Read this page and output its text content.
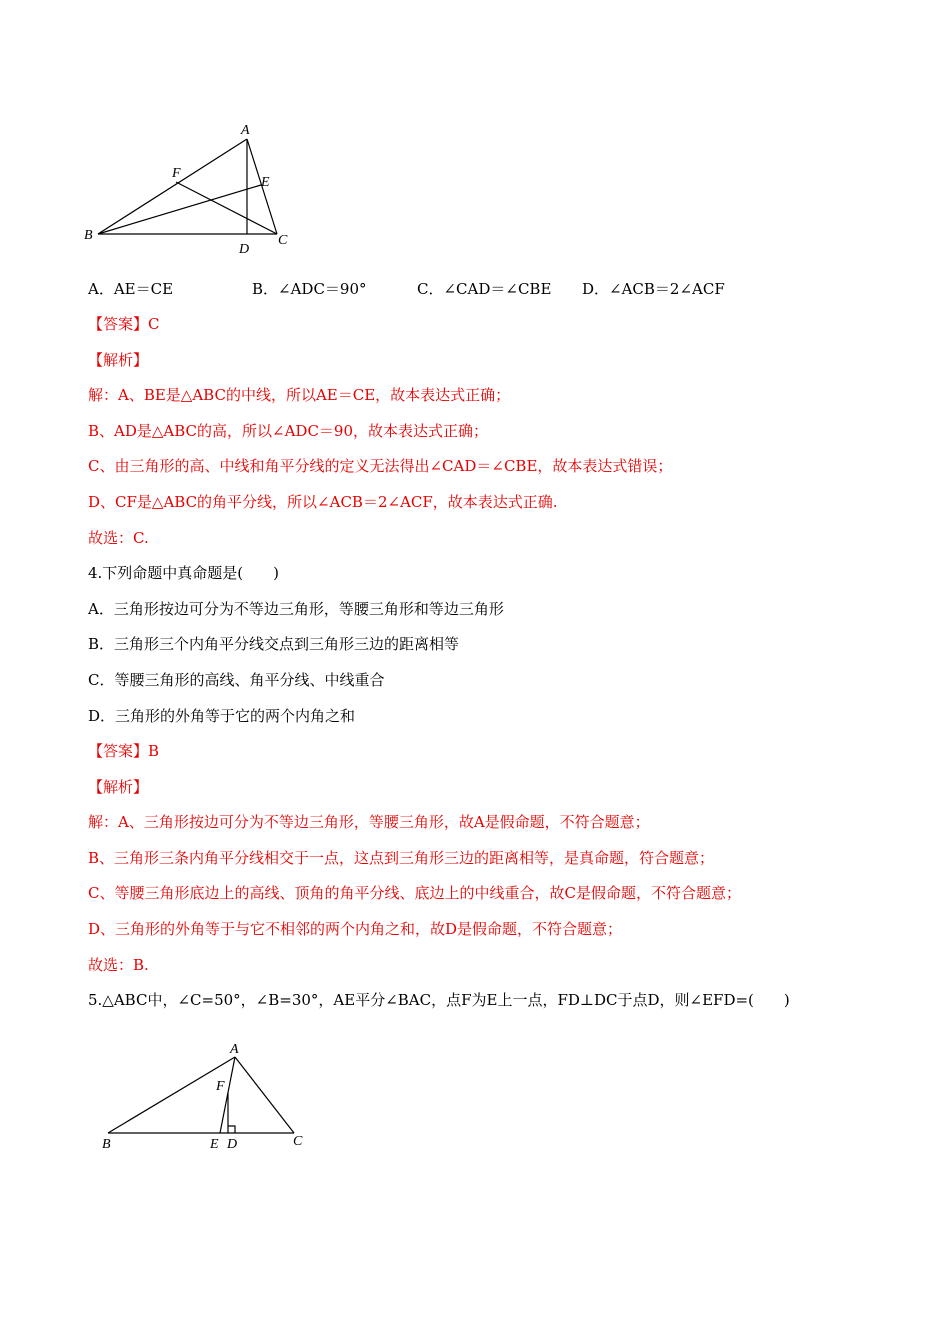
A
B	C
D
E
F
A．AE＝CE	B．∠ADC＝90°	C．∠CAD＝∠CBE D．∠ACB＝2∠ACF
【答案】C
【解析】
解：A、BE是△ABC的中线，所以AE＝CE，故本表达式正确；
B、AD是△ABC的高，所以∠ADC＝90，故本表达式正确；
C、由三角形的高、中线和角平分线的定义无法得出∠CAD＝∠CBE，故本表达式错误；
D、CF是△ABC的角平分线，所以∠ACB＝2∠ACF，故本表达式正确.
故选：C.
4.下列命题中真命题是(　　)
A．三角形按边可分为不等边三角形，等腰三角形和等边三角形
B．三角形三个内角平分线交点到三角形三边的距离相等
C．等腰三角形的高线、角平分线、中线重合
D．三角形的外角等于它的两个内角之和
【答案】B
【解析】
解：A、三角形按边可分为不等边三角形，等腰三角形，故A是假命题，不符合题意；
B、三角形三条内角平分线相交于一点，这点到三角形三边的距离相等，是真命题，符合题意；
C、等腰三角形底边上的高线、顶角的角平分线、底边上的中线重合，故C是假命题，不符合题意；
D、三角形的外角等于与它不相邻的两个内角之和，故D是假命题，不符合题意；
故选：B.
5.△ABC中，∠C=50°，∠B=30°，AE平分∠BAC，点F为E上一点，FD⊥DC于点D，则∠EFD=(　　)
A
B	C
D
E
F
